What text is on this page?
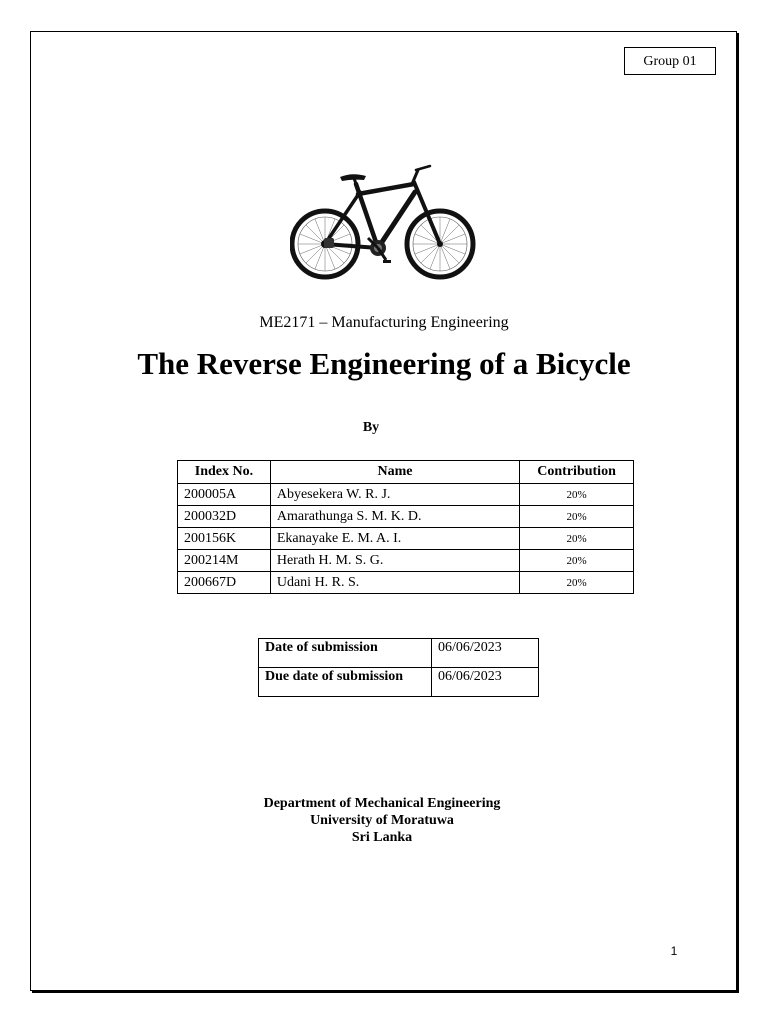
Group 01
ME2171 – Manufacturing Engineering
The Reverse Engineering of a Bicycle
By
Index No.	Name	Contribution
200005A	Abyesekera W. R. J.	20%
200032D	Amarathunga S. M. K. D.	20%
200156K	Ekanayake E. M. A. I.	20%
200214M	Herath H. M. S. G.	20%
200667D	Udani H. R. S.	20%
Date of submission	06/06/2023
Due date of submission	06/06/2023
Department of Mechanical Engineering
University of Moratuwa
Sri Lanka
1
